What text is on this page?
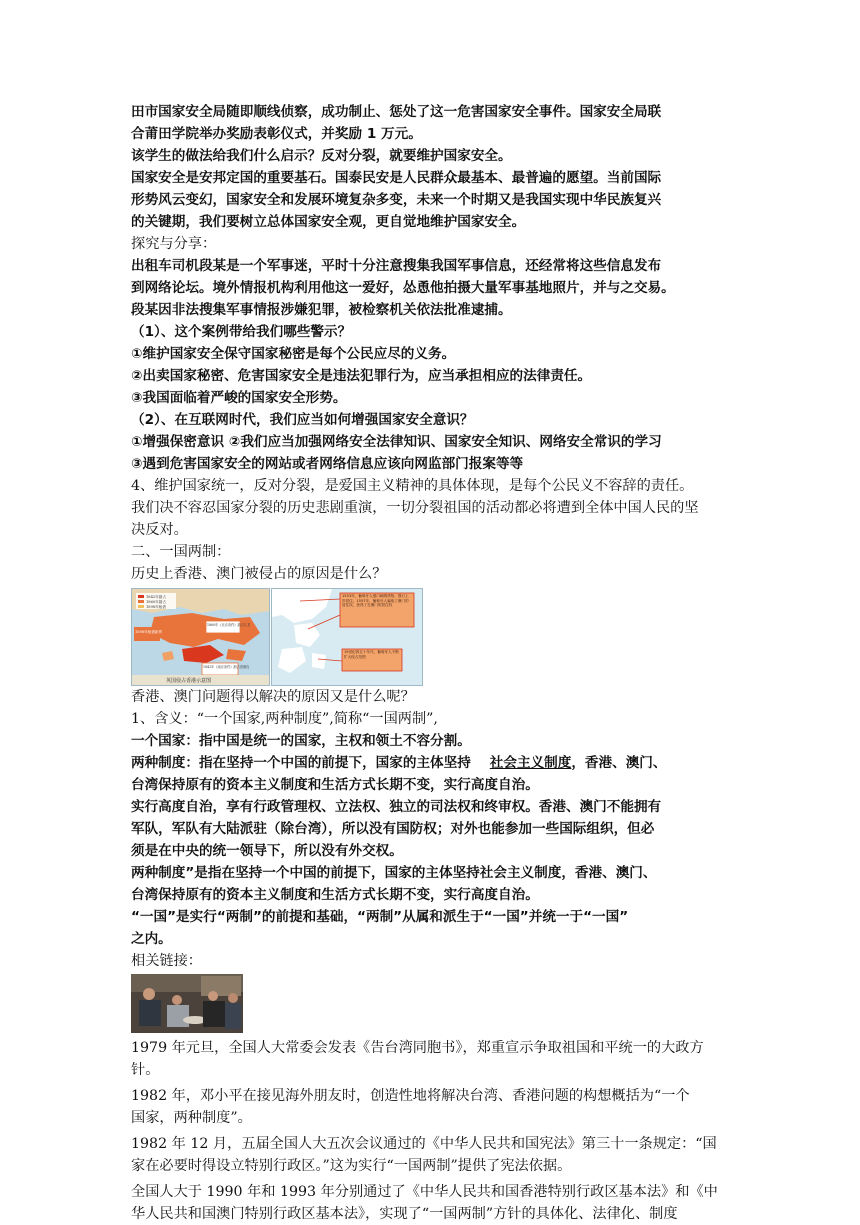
田市国家安全局随即顺线侦察，成功制止、惩处了这一危害国家安全事件。国家安全局联
合莆田学院举办奖励表彰仪式，并奖励 1 万元。
该学生的做法给我们什么启示？反对分裂，就要维护国家安全。
国家安全是安邦定国的重要基石。国泰民安是人民群众最基本、最普遍的愿望。当前国际
形势风云变幻，国家安全和发展环境复杂多变，未来一个时期又是我国实现中华民族复兴
的关键期，我们要树立总体国家安全观，更自觉地维护国家安全。
探究与分享：
出租车司机段某是一个军事迷，平时十分注意搜集我国军事信息，还经常将这些信息发布
到网络论坛。境外情报机构利用他这一爱好，怂恿他拍摄大量军事基地照片，并与之交易。
段某因非法搜集军事情报涉嫌犯罪，被检察机关依法批准逮捕。
（1）、这个案例带给我们哪些警示？
①维护国家安全保守国家秘密是每个公民应尽的义务。
②出卖国家秘密、危害国家安全是违法犯罪行为，应当承担相应的法律责任。
③我国面临着严峻的国家安全形势。
（2）、在互联网时代，我们应当如何增强国家安全意识？
①增强保密意识 ②我们应当加强网络安全法律知识、国家安全知识、网络安全常识的学习
③遇到危害国家安全的网站或者网络信息应该向网监部门报案等等
4、维护国家统一，反对分裂，是爱国主义精神的具体体现，是每个公民义不容辞的责任。
我们决不容忍国家分裂的历史悲剧重演，一切分裂祖国的活动都必将遭到全体中国人民的坚
决反对。
二、一国两制：
历史上香港、澳门被侵占的原因是什么？
1842年割占
1860年割占
1898年租借
1898年租借新界
1860年《北京条约》割占九龙
1842年《南京条约》割占香港岛
英国侵占香港示意图
1553年，葡萄牙人借口晾晒货物，强行上岸居住。1557年，葡萄牙人骗取了澳门的居住权，获得了在澳门的居住权
19世纪四五十年代，葡萄牙人不断扩大侵占范围
香港、澳门问题得以解决的原因又是什么呢？
1、含义：“一个国家,两种制度”,简称“一国两制”,
一个国家：指中国是统一的国家，主权和领土不容分割。
两种制度：指在坚持一个中国的前提下，国家的主体坚持    社会主义制度，香港、澳门、
台湾保持原有的资本主义制度和生活方式长期不变，实行高度自治。
实行高度自治，享有行政管理权、立法权、独立的司法权和终审权。香港、澳门不能拥有
军队，军队有大陆派驻（除台湾），所以没有国防权；对外也能参加一些国际组织，但必
须是在中央的统一领导下，所以没有外交权。
两种制度”是指在坚持一个中国的前提下，国家的主体坚持社会主义制度，香港、澳门、
台湾保持原有的资本主义制度和生活方式长期不变，实行高度自治。
“一国”是实行“两制”的前提和基础，“两制”从属和派生于“一国”并统一于“一国”
之内。
相关链接：
1979 年元旦，全国人大常委会发表《告台湾同胞书》，郑重宣示争取祖国和平统一的大政方
针。
1982 年，邓小平在接见海外朋友时，创造性地将解决台湾、香港问题的构想概括为“一个
国家，两种制度”。
1982 年 12 月，五届全国人大五次会议通过的《中华人民共和国宪法》第三十一条规定：“国
家在必要时得设立特别行政区。”这为实行“一国两制”提供了宪法依据。
全国人大于 1990 年和 1993 年分别通过了《中华人民共和国香港特别行政区基本法》和《中
华人民共和国澳门特别行政区基本法》，实现了“一国两制”方针的具体化、法律化、制度
